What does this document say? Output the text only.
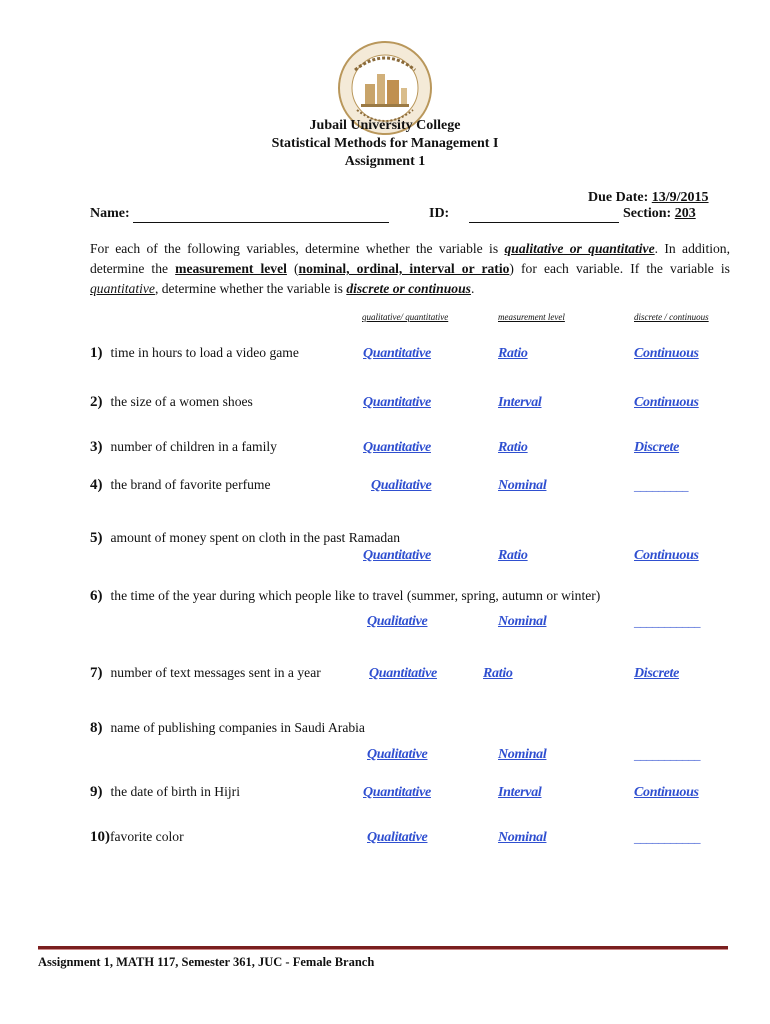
Jubail University College
Statistical Methods for Management I
Assignment 1
Due Date: 13/9/2015
Name:	ID:	Section: 203
For each of the following variables, determine whether the variable is qualitative or quantitative. In addition, determine the measurement level (nominal, ordinal, interval or ratio) for each variable. If the variable is quantitative, determine whether the variable is discrete or continuous.
qualitative/ quantitative	measurement level	discrete / continuous
1) time in hours to load a video game	Quantitative	Ratio	Continuous
2) the size of a women shoes	Quantitative	Interval	Continuous
3) number of children in a family	Quantitative	Ratio	Discrete
4) the brand of favorite perfume	Qualitative	Nominal	_________
5) amount of money spent on cloth in the past Ramadan
Quantitative	Ratio	Continuous
6) the time of the year during which people like to travel (summer, spring, autumn or winter)
Qualitative	Nominal	___________
7) number of text messages sent in a year	Quantitative	Ratio	Discrete
8) name of publishing companies in Saudi Arabia
Qualitative	Nominal	___________
9) the date of birth in Hijri	Quantitative	Interval	Continuous
10)favorite color	Qualitative	Nominal	___________
Assignment 1, MATH 117, Semester 361, JUC - Female Branch
